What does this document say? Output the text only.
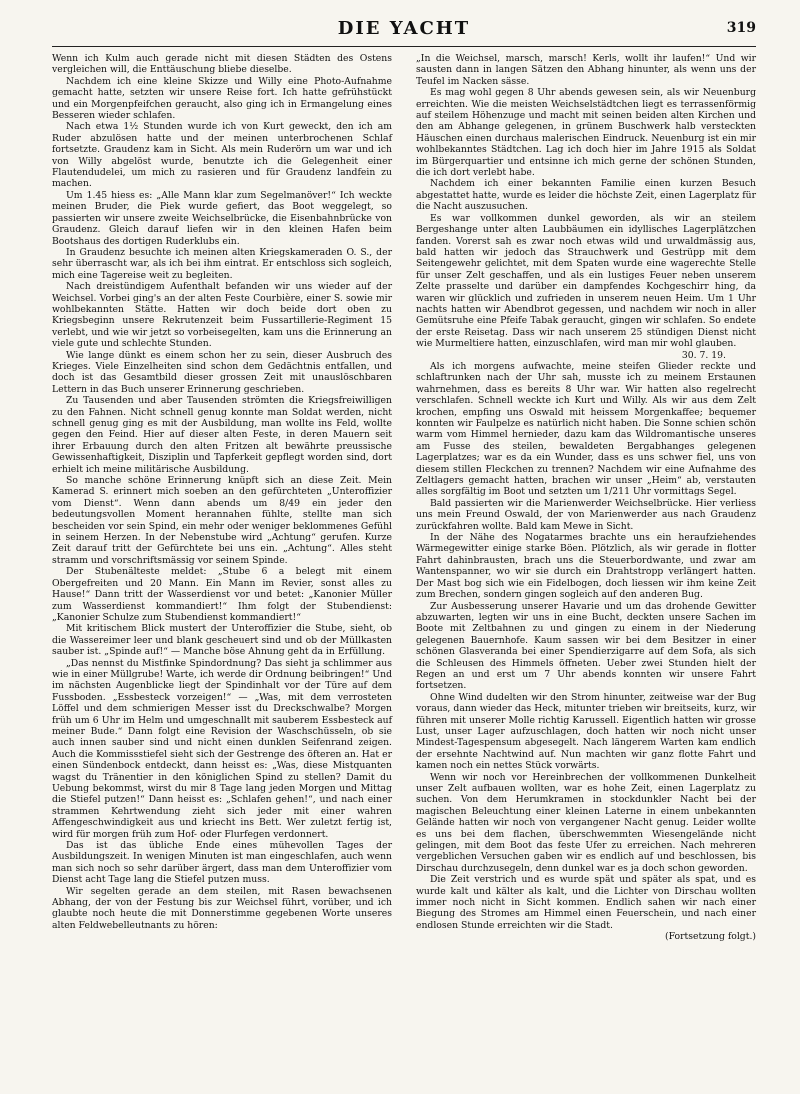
DIE YACHT	319

Wenn ich Kulm auch gerade nicht mit diesen Städten des Ostens vergleichen will, die Enttäuschung bliebe dieselbe.

Nachdem ich eine kleine Skizze und Willy eine Photo-Aufnahme gemacht hatte, setzten wir unsere Reise fort. Ich hatte gefrühstückt und ein Morgenpfeifchen geraucht, also ging ich in Ermangelung eines Besseren wieder schlafen.

Nach etwa 1½ Stunden wurde ich von Kurt geweckt, den ich am Ruder abzulösen hatte und der meinen unterbrochenen Schlaf fortsetzte. Graudenz kam in Sicht. Als mein Ruderörn um war und ich von Willy abgelöst wurde, benutzte ich die Gelegenheit einer Flautendudelei, um mich zu rasieren und für Graudenz landfein zu machen.

Um 1.45 hiess es: „Alle Mann klar zum Segelmanöver!“ Ich weckte meinen Bruder, die Piek wurde gefiert, das Boot weggelegt, so passierten wir unsere zweite Weichselbrücke, die Eisenbahnbrücke von Graudenz. Gleich darauf liefen wir in den kleinen Hafen beim Bootshaus des dortigen Ruderklubs ein.

In Graudenz besuchte ich meinen alten Kriegskameraden O. S., der sehr überrascht war, als ich bei ihm eintrat. Er entschloss sich sogleich, mich eine Tagereise weit zu begleiten.

Nach dreistündigem Aufenthalt befanden wir uns wieder auf der Weichsel. Vorbei ging's an der alten Feste Courbière, einer S. sowie mir wohlbekannten Stätte. Hatten wir doch beide dort oben zu Kriegsbeginn unsere Rekrutenzeit beim Fussartillerie-Regiment 15 verlebt, und wie wir jetzt so vorbeisegelten, kam uns die Erinnerung an viele gute und schlechte Stunden.

Wie lange dünkt es einem schon her zu sein, dieser Ausbruch des Krieges. Viele Einzelheiten sind schon dem Gedächtnis entfallen, und doch ist das Gesamtbild dieser grossen Zeit mit unauslöschbaren Lettern in das Buch unserer Erinnerung geschrieben.

Zu Tausenden und aber Tausenden strömten die Kriegsfreiwilligen zu den Fahnen. Nicht schnell genug konnte man Soldat werden, nicht schnell genug ging es mit der Ausbildung, man wollte ins Feld, wollte gegen den Feind. Hier auf dieser alten Feste, in deren Mauern seit ihrer Erbauung durch den alten Fritzen alt bewährte preussische Gewissenhaftigkeit, Disziplin und Tapferkeit gepflegt worden sind, dort erhielt ich meine militärische Ausbildung.

So manche schöne Erinnerung knüpft sich an diese Zeit. Mein Kamerad S. erinnert mich soeben an den gefürchteten „Unteroffizier vom Dienst“. Wenn dann abends um 8/49 ein jeder den bedeutungsvollen Moment herannahen fühlte, stellte man sich bescheiden vor sein Spind, ein mehr oder weniger beklommenes Gefühl in seinem Herzen. In der Nebenstube wird „Achtung“ gerufen. Kurze Zeit darauf tritt der Gefürchtete bei uns ein. „Achtung“. Alles steht stramm und vorschriftsmässig vor seinem Spinde.

Der Stubenälteste meldet: „Stube 6 a belegt mit einem Obergefreiten und 20 Mann. Ein Mann im Revier, sonst alles zu Hause!“ Dann tritt der Wasserdienst vor und betet: „Kanonier Müller zum Wasserdienst kommandiert!“ Ihm folgt der Stubendienst: „Kanonier Schulze zum Stubendienst kommandiert!“

Mit kritischem Blick mustert der Unteroffizier die Stube, sieht, ob die Wassereimer leer und blank gescheuert sind und ob der Müllkasten sauber ist. „Spinde auf!“ — Manche böse Ahnung geht da in Erfüllung.

„Das nennst du Mistfinke Spindordnung? Das sieht ja schlimmer aus wie in einer Müllgrube! Warte, ich werde dir Ordnung beibringen!“ Und im nächsten Augenblicke liegt der Spindinhalt vor der Türe auf dem Fussboden. „Essbesteck vorzeigen!“ — „Was, mit dem verrosteten Löffel und dem schmierigen Messer isst du Dreckschwalbe? Morgen früh um 6 Uhr im Helm und umgeschnallt mit sauberem Essbesteck auf meiner Bude.“ Dann folgt eine Revision der Waschschüsseln, ob sie auch innen sauber sind und nicht einen dunklen Seifenrand zeigen. Auch die Kommissstiefel sieht sich der Gestrenge des öfteren an. Hat er einen Sündenbock entdeckt, dann heisst es: „Was, diese Mistquanten wagst du Tränentier in den königlichen Spind zu stellen? Damit du Uebung bekommst, wirst du mir 8 Tage lang jeden Morgen und Mittag die Stiefel putzen!“ Dann heisst es: „Schlafen gehen!“, und nach einer strammen Kehrtwendung zieht sich jeder mit einer wahren Affengeschwindigkeit aus und kriecht ins Bett. Wer zuletzt fertig ist, wird für morgen früh zum Hof- oder Flurfegen verdonnert.

Das ist das übliche Ende eines mühevollen Tages der Ausbildungszeit. In wenigen Minuten ist man eingeschlafen, auch wenn man sich noch so sehr darüber ärgert, dass man dem Unteroffizier vom Dienst acht Tage lang die Stiefel putzen muss.

Wir segelten gerade an dem steilen, mit Rasen bewachsenen Abhang, der von der Festung bis zur Weichsel führt, vorüber, und ich glaubte noch heute die mit Donnerstimme gegebenen Worte unseres alten Feldwebelleutnants zu hören:

„In die Weichsel, marsch, marsch! Kerls, wollt ihr laufen!“ Und wir sausten dann in langen Sätzen den Abhang hinunter, als wenn uns der Teufel im Nacken sässe.

Es mag wohl gegen 8 Uhr abends gewesen sein, als wir Neuenburg erreichten. Wie die meisten Weichselstädtchen liegt es terrassenförmig auf steilem Höhenzuge und macht mit seinen beiden alten Kirchen und den am Abhange gelegenen, in grünem Buschwerk halb versteckten Häuschen einen durchaus malerischen Eindruck. Neuenburg ist ein mir wohlbekanntes Städtchen. Lag ich doch hier im Jahre 1915 als Soldat im Bürgerquartier und entsinne ich mich gerne der schönen Stunden, die ich dort verlebt habe.

Nachdem ich einer bekannten Familie einen kurzen Besuch abgestattet hatte, wurde es leider die höchste Zeit, einen Lagerplatz für die Nacht auszusuchen.

Es war vollkommen dunkel geworden, als wir an steilem Bergeshange unter alten Laubbäumen ein idyllisches Lagerplätzchen fanden. Vorerst sah es zwar noch etwas wild und urwaldmässig aus, bald hatten wir jedoch das Strauchwerk und Gestrüpp mit dem Seitengewehr gelichtet, mit dem Spaten wurde eine wagerechte Stelle für unser Zelt geschaffen, und als ein lustiges Feuer neben unserem Zelte prasselte und darüber ein dampfendes Kochgeschirr hing, da waren wir glücklich und zufrieden in unserem neuen Heim. Um 1 Uhr nachts hatten wir Abendbrot gegessen, und nachdem wir noch in aller Gemütsruhe eine Pfeife Tabak geraucht, gingen wir schlafen. So endete der erste Reisetag. Dass wir nach unserem 25 stündigen Dienst nicht wie Murmeltiere hatten, einzuschlafen, wird man mir wohl glauben.

30. 7. 19.

Als ich morgens aufwachte, meine steifen Glieder reckte und schlaftrunken nach der Uhr sah, musste ich zu meinem Erstaunen wahrnehmen, dass es bereits 8 Uhr war. Wir hatten also regelrecht verschlafen. Schnell weckte ich Kurt und Willy. Als wir aus dem Zelt krochen, empfing uns Oswald mit heissem Morgenkaffee; bequemer konnten wir Faulpelze es natürlich nicht haben. Die Sonne schien schön warm vom Himmel hernieder, dazu kam das Wildromantische unseres am Fusse des steilen, bewaldeten Bergabhanges gelegenen Lagerplatzes; war es da ein Wunder, dass es uns schwer fiel, uns von diesem stillen Fleckchen zu trennen? Nachdem wir eine Aufnahme des Zeltlagers gemacht hatten, brachen wir unser „Heim“ ab, verstauten alles sorgfältig im Boot und setzten um 1/211 Uhr vormittags Segel.

Bald passierten wir die Marienwerder Weichselbrücke. Hier verliess uns mein Freund Oswald, der von Marienwerder aus nach Graudenz zurückfahren wollte. Bald kam Mewe in Sicht.

In der Nähe des Nogatarmes brachte uns ein heraufziehendes Wärmegewitter einige starke Böen. Plötzlich, als wir gerade in flotter Fahrt dahinbrausten, brach uns die Steuerbordwante, und zwar am Wantenspanner, wo wir sie durch ein Drahtstropp verlängert hatten. Der Mast bog sich wie ein Fidelbogen, doch liessen wir ihm keine Zeit zum Brechen, sondern gingen sogleich auf den anderen Bug.

Zur Ausbesserung unserer Havarie und um das drohende Gewitter abzuwarten, legten wir uns in eine Bucht, deckten unsere Sachen im Boote mit Zeltbahnen zu und gingen zu einem in der Niederung gelegenen Bauernhofe. Kaum sassen wir bei dem Besitzer in einer schönen Glasveranda bei einer Spendierzigarre auf dem Sofa, als sich die Schleusen des Himmels öffneten. Ueber zwei Stunden hielt der Regen an und erst um 7 Uhr abends konnten wir unsere Fahrt fortsetzen.

Ohne Wind dudelten wir den Strom hinunter, zeitweise war der Bug voraus, dann wieder das Heck, mitunter trieben wir breitseits, kurz, wir führen mit unserer Molle richtig Karussell. Eigentlich hatten wir grosse Lust, unser Lager aufzuschlagen, doch hatten wir noch nicht unser Mindest-Tagespensum abgesegelt. Nach längerem Warten kam endlich der ersehnte Nachtwind auf. Nun machten wir ganz flotte Fahrt und kamen noch ein nettes Stück vorwärts.

Wenn wir noch vor Hereinbrechen der vollkommenen Dunkelheit unser Zelt aufbauen wollten, war es hohe Zeit, einen Lagerplatz zu suchen. Von dem Herumkramen in stockdunkler Nacht bei der magischen Beleuchtung einer kleinen Laterne in einem unbekannten Gelände hatten wir noch von vergangener Nacht genug. Leider wollte es uns bei dem flachen, überschwemmten Wiesengelände nicht gelingen, mit dem Boot das feste Ufer zu erreichen. Nach mehreren vergeblichen Versuchen gaben wir es endlich auf und beschlossen, bis Dirschau durchzusegeln, denn dunkel war es ja doch schon geworden.

Die Zeit verstrich und es wurde spät und später als spat, und es wurde kalt und kälter als kalt, und die Lichter von Dirschau wollten immer noch nicht in Sicht kommen. Endlich sahen wir nach einer Biegung des Stromes am Himmel einen Feuerschein, und nach einer endlosen Stunde erreichten wir die Stadt.

(Fortsetzung folgt.)
